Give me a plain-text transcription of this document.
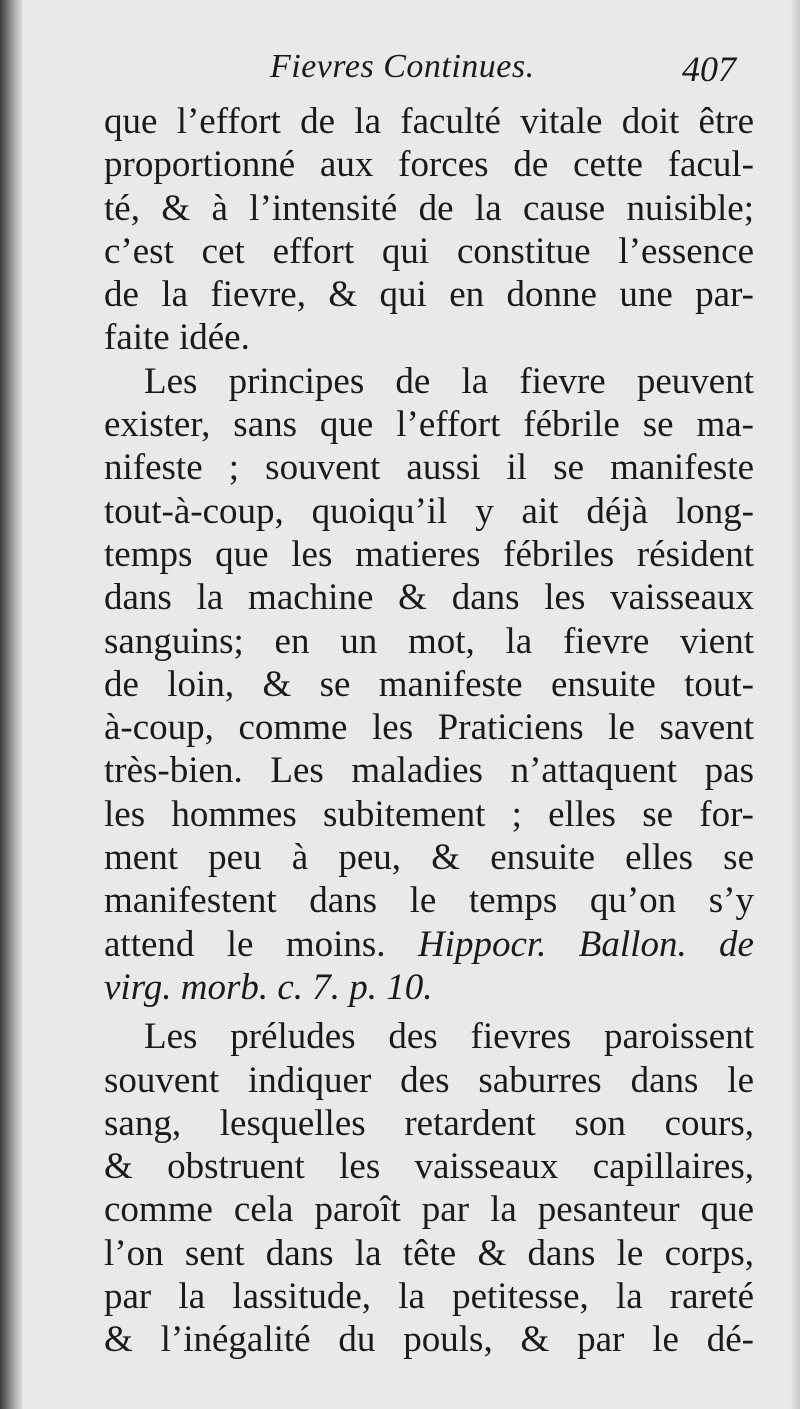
Fievres Continues.	407

que l’effort de la faculté vitale doit être
proportionné aux forces de cette facul-
té, & à l’intensité de la cause nuisible;
c’est cet effort qui constitue l’essence
de la fievre, & qui en donne une par-
faite idée.

Les principes de la fievre peuvent
exister, sans que l’effort fébrile se ma-
nifeste ; souvent aussi il se manifeste
tout-à-coup, quoiqu’il y ait déjà long-
temps que les matieres fébriles résident
dans la machine & dans les vaisseaux
sanguins; en un mot, la fievre vient
de loin, & se manifeste ensuite tout-
à-coup, comme les Praticiens le savent
très-bien. Les maladies n’attaquent pas
les hommes subitement ; elles se for-
ment peu à peu, & ensuite elles se
manifestent dans le temps qu’on s’y
attend le moins. Hippocr. Ballon. de
virg. morb. c. 7. p. 10.

Les préludes des fievres paroissent
souvent indiquer des saburres dans le
sang, lesquelles retardent son cours,
& obstruent les vaisseaux capillaires,
comme cela paroît par la pesanteur que
l’on sent dans la tête & dans le corps,
par la lassitude, la petitesse, la rareté
& l’inégalité du pouls, & par le dé-
